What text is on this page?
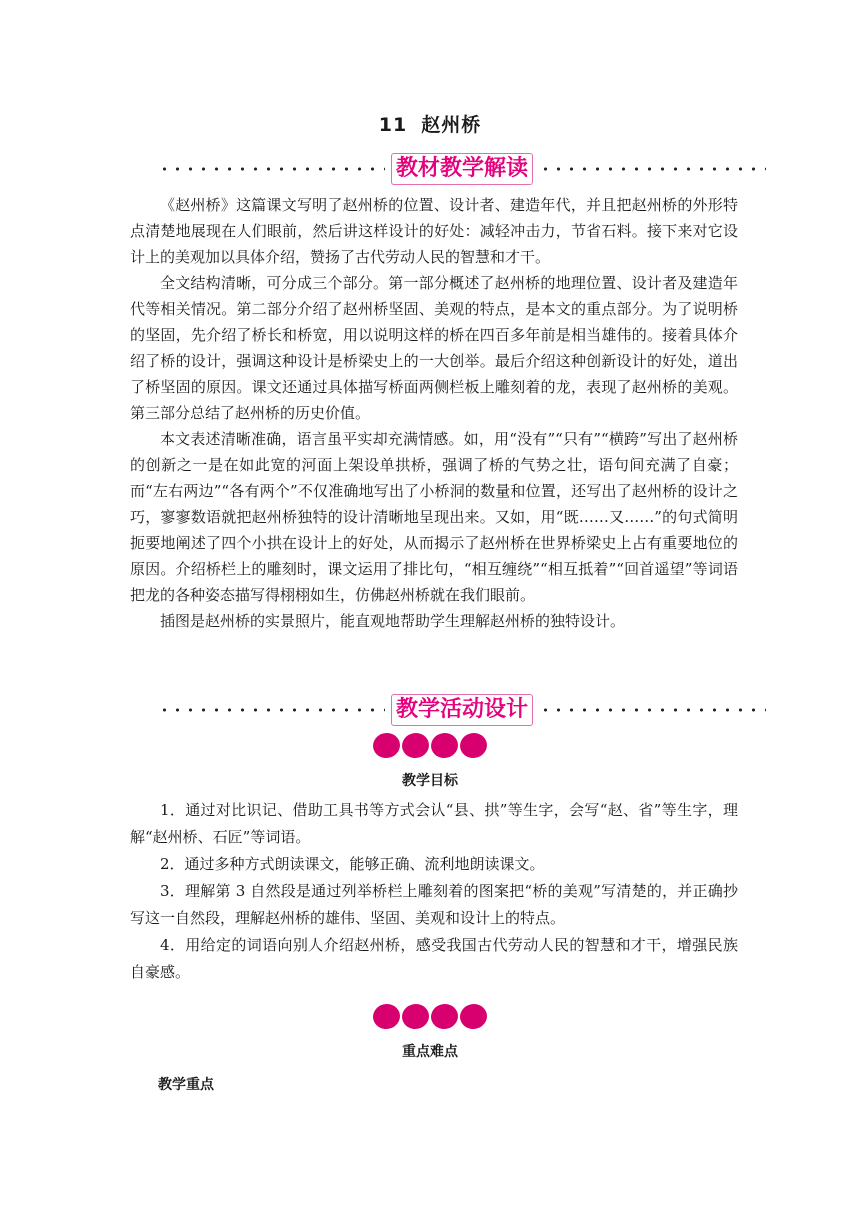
11 赵州桥
教材教学解读

《赵州桥》这篇课文写明了赵州桥的位置、设计者、建造年代，并且把赵州桥的外形特点清楚地展现在人们眼前，然后讲这样设计的好处：减轻冲击力，节省石料。接下来对它设计上的美观加以具体介绍，赞扬了古代劳动人民的智慧和才干。

全文结构清晰，可分成三个部分。第一部分概述了赵州桥的地理位置、设计者及建造年代等相关情况。第二部分介绍了赵州桥坚固、美观的特点，是本文的重点部分。为了说明桥的坚固，先介绍了桥长和桥宽，用以说明这样的桥在四百多年前是相当雄伟的。接着具体介绍了桥的设计，强调这种设计是桥梁史上的一大创举。最后介绍这种创新设计的好处，道出了桥坚固的原因。课文还通过具体描写桥面两侧栏板上雕刻着的龙，表现了赵州桥的美观。第三部分总结了赵州桥的历史价值。

本文表述清晰准确，语言虽平实却充满情感。如，用“没有”“只有”“横跨”写出了赵州桥的创新之一是在如此宽的河面上架设单拱桥，强调了桥的气势之壮，语句间充满了自豪；而“左右两边”“各有两个”不仅准确地写出了小桥洞的数量和位置，还写出了赵州桥的设计之巧，寥寥数语就把赵州桥独特的设计清晰地呈现出来。又如，用“既……又……”的句式简明扼要地阐述了四个小拱在设计上的好处，从而揭示了赵州桥在世界桥梁史上占有重要地位的原因。介绍桥栏上的雕刻时，课文运用了排比句，“相互缠绕”“相互抵着”“回首遥望”等词语把龙的各种姿态描写得栩栩如生，仿佛赵州桥就在我们眼前。

插图是赵州桥的实景照片，能直观地帮助学生理解赵州桥的独特设计。

教学活动设计
教学目标

1．通过对比识记、借助工具书等方式会认“县、拱”等生字，会写“赵、省”等生字，理解“赵州桥、石匠”等词语。

2．通过多种方式朗读课文，能够正确、流利地朗读课文。

3．理解第 3 自然段是通过列举桥栏上雕刻着的图案把“桥的美观”写清楚的，并正确抄写这一自然段，理解赵州桥的雄伟、坚固、美观和设计上的特点。

4．用给定的词语向别人介绍赵州桥，感受我国古代劳动人民的智慧和才干，增强民族自豪感。

重点难点
教学重点
